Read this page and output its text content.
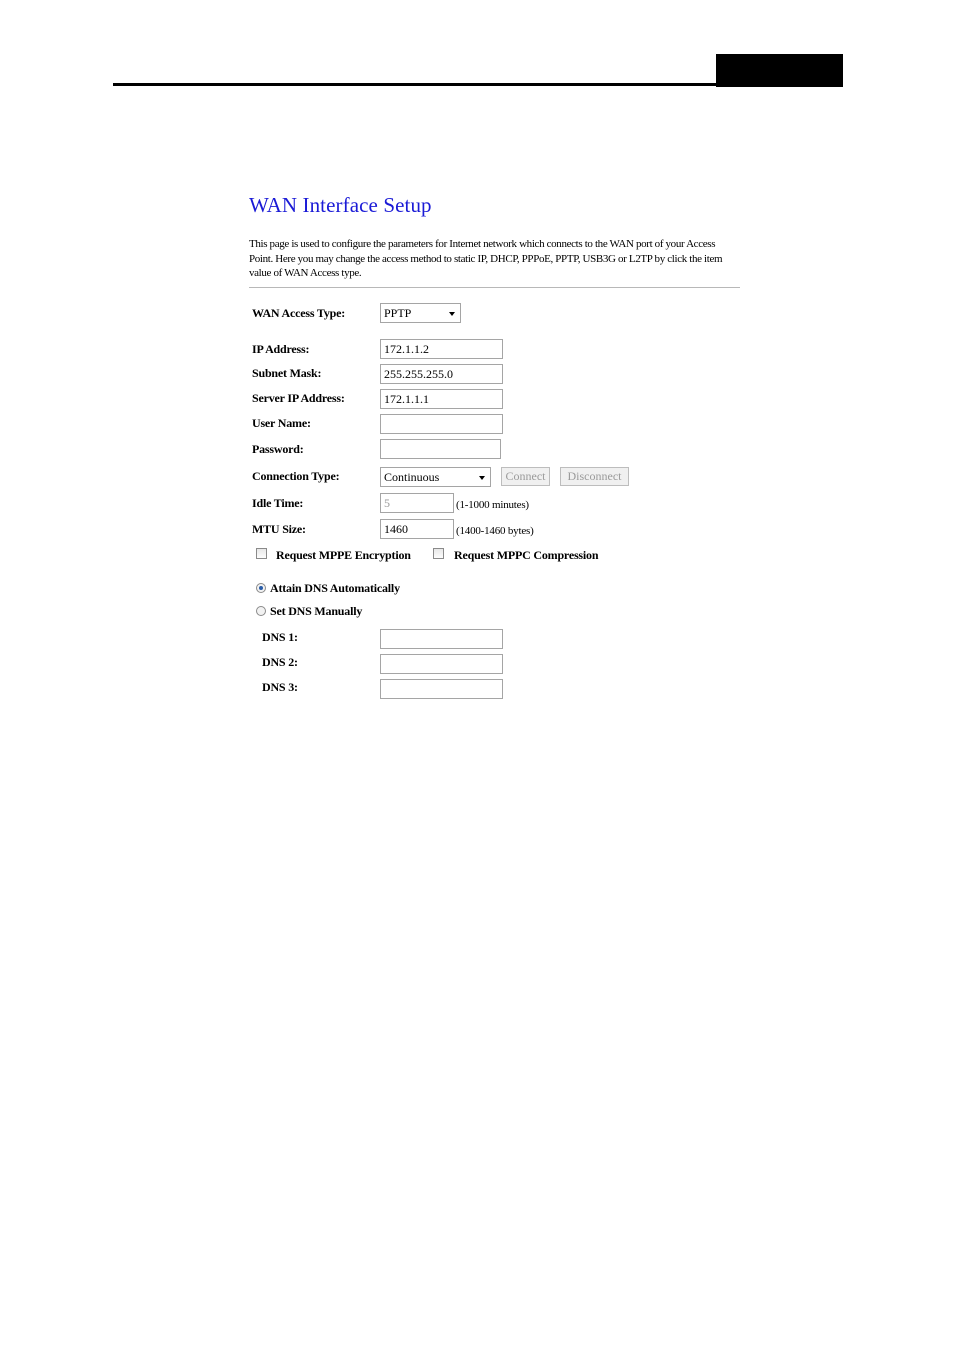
WAN Interface Setup
This page is used to configure the parameters for Internet network which connects to the WAN port of your Access Point. Here you may change the access method to static IP, DHCP, PPPoE, PPTP, USB3G or L2TP by click the item value of WAN Access type.
WAN Access Type:	PPTP
IP Address:	172.1.1.2
Subnet Mask:	255.255.255.0
Server IP Address:	172.1.1.1
User Name:
Password:
Connection Type:	Continuous	Connect	Disconnect
Idle Time:	5	(1-1000 minutes)
MTU Size:	1460	(1400-1460 bytes)
Request MPPE Encryption	Request MPPC Compression
Attain DNS Automatically
Set DNS Manually
DNS 1:
DNS 2:
DNS 3:
